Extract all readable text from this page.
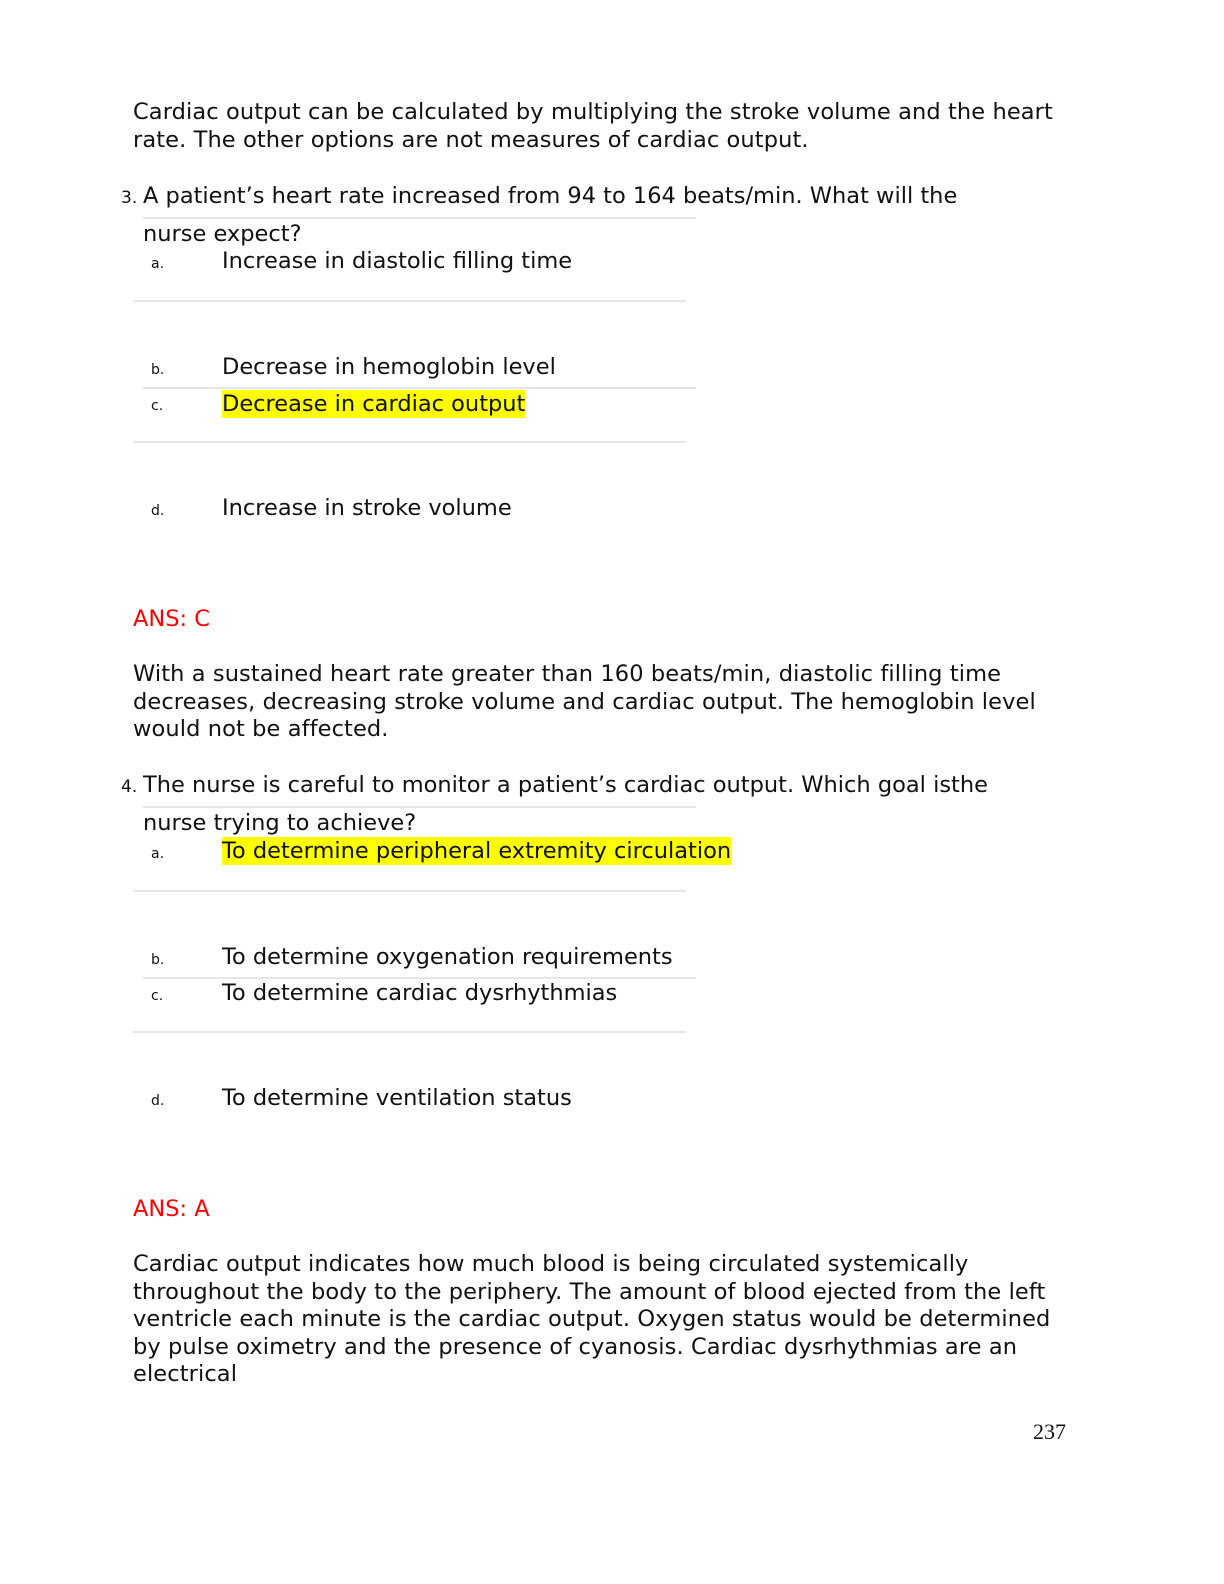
Cardiac output can be calculated by multiplying the stroke volume and the heart rate. The other options are not measures of cardiac output.
3. A patient’s heart rate increased from 94 to 164 beats/min. What will the
nurse expect?
a.	Increase in diastolic filling time
b.	Decrease in hemoglobin level
c.	Decrease in cardiac output
d.	Increase in stroke volume
ANS: C
With a sustained heart rate greater than 160 beats/min, diastolic filling time decreases, decreasing stroke volume and cardiac output. The hemoglobin level would not be affected.
4. The nurse is careful to monitor a patient’s cardiac output. Which goal isthe
nurse trying to achieve?
a.	To determine peripheral extremity circulation
b.	To determine oxygenation requirements
c.	To determine cardiac dysrhythmias
d.	To determine ventilation status
ANS: A
Cardiac output indicates how much blood is being circulated systemically throughout the body to the periphery. The amount of blood ejected from the left ventricle each minute is the cardiac output. Oxygen status would be determined by pulse oximetry and the presence of cyanosis. Cardiac dysrhythmias are an electrical
237
